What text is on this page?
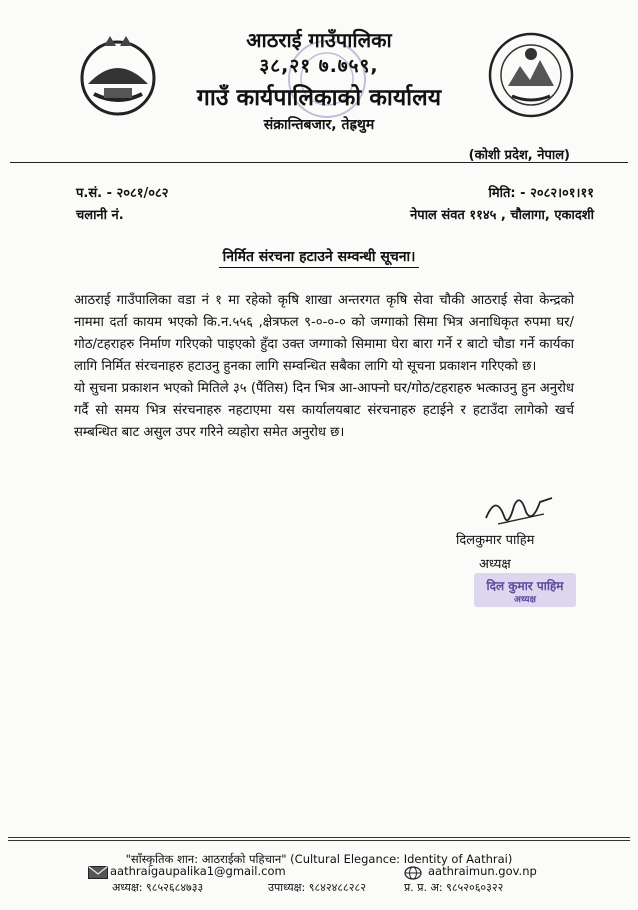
आठराई गाउँपालिका
३८,२१ ७.७५९,
गाउँ कार्यपालिकाको कार्यालय
संक्रान्तिबजार, तेह्रथुम
(कोशी प्रदेश, नेपाल)
प.सं. - २०८१/०८२
चलानी नं.
मिति: - २०८२।०१।११
नेपाल संवत ११४५ , चौलागा, एकादशी
निर्मित संरचना हटाउने सम्वन्धी सूचना।

आठराई गाउँपालिका वडा नं १ मा रहेको कृषि शाखा अन्तरगत कृषि सेवा चौकी आठराई सेवा केन्द्रको नाममा दर्ता कायम भएको कि.न.५५६ ,क्षेत्रफल ९-०-०-० को जग्गाको सिमा भित्र अनाधिकृत रुपमा घर/गोठ/टहराहरु निर्माण गरिएको पाइएको हुँदा उक्त जग्गाको सिमामा घेरा बारा गर्ने र बाटो चौडा गर्ने कार्यका लागि निर्मित संरचनाहरु हटाउनु हुनका लागि सम्वन्धित सबैका लागि यो सूचना प्रकाशन गरिएको छ।

यो सुचना प्रकाशन भएको मितिले ३५ (पैंतिस) दिन भित्र आ-आफ्नो घर/गोठ/टहराहरु भत्काउनु हुन अनुरोध गर्दै सो समय भित्र संरचनाहरु नहटाएमा यस कार्यालयबाट संरचनाहरु हटाईने र हटाउँदा लागेको खर्च सम्बन्धित बाट असुल उपर गरिने व्यहोरा समेत अनुरोध छ।

दिलकुमार पाहिम
अध्यक्ष
दिल कुमार पाहिम
अध्यक्ष
"साँस्कृतिक शान: आठराईको पहिचान" (Cultural Elegance: Identity of Aathrai)
aathraigaupalika1@gmail.com	aathraimun.gov.np
अध्यक्ष: ९८५२६८४७३३	उपाध्यक्ष: ९८४२४८८२८२	प्र. प्र. अ: ९८५२०६०३२२
